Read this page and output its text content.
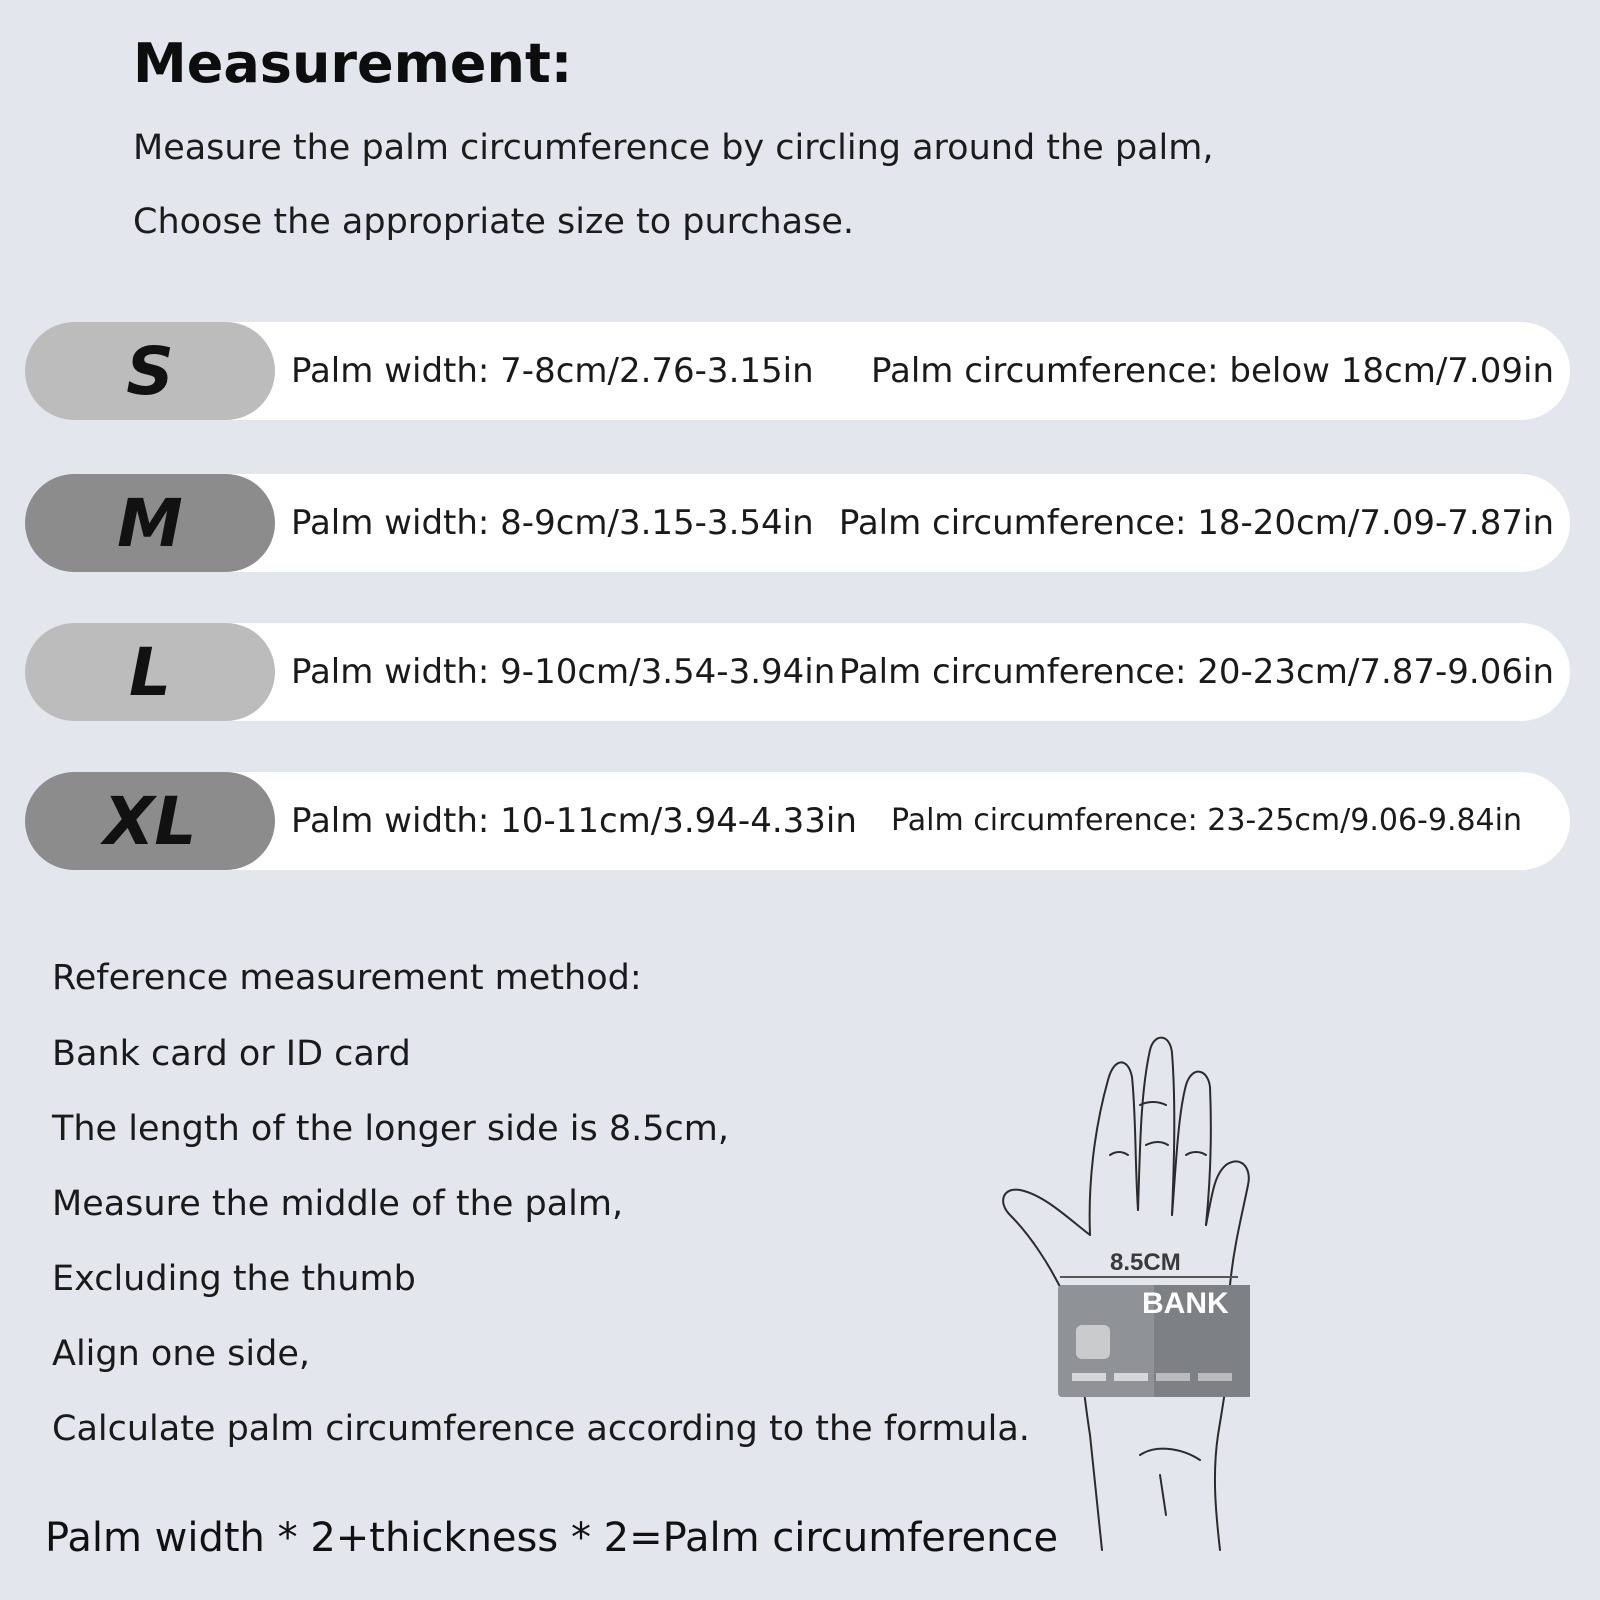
Measurement:
Measure the palm circumference by circling around the palm,
Choose the appropriate size to purchase.
S	Palm width: 7-8cm/2.76-3.15in Palm circumference: below 18cm/7.09in
M	Palm width: 8-9cm/3.15-3.54in Palm circumference: 18-20cm/7.09-7.87in
L	Palm width: 9-10cm/3.54-3.94in Palm circumference: 20-23cm/7.87-9.06in
XL	Palm width: 10-11cm/3.94-4.33in Palm circumference: 23-25cm/9.06-9.84in
Reference measurement method:
Bank card or ID card
The length of the longer side is 8.5cm,
Measure the middle of the palm,
Excluding the thumb
Align one side,
Calculate palm circumference according to the formula.
Palm width * 2+thickness * 2=Palm circumference
8.5CM
BANK
